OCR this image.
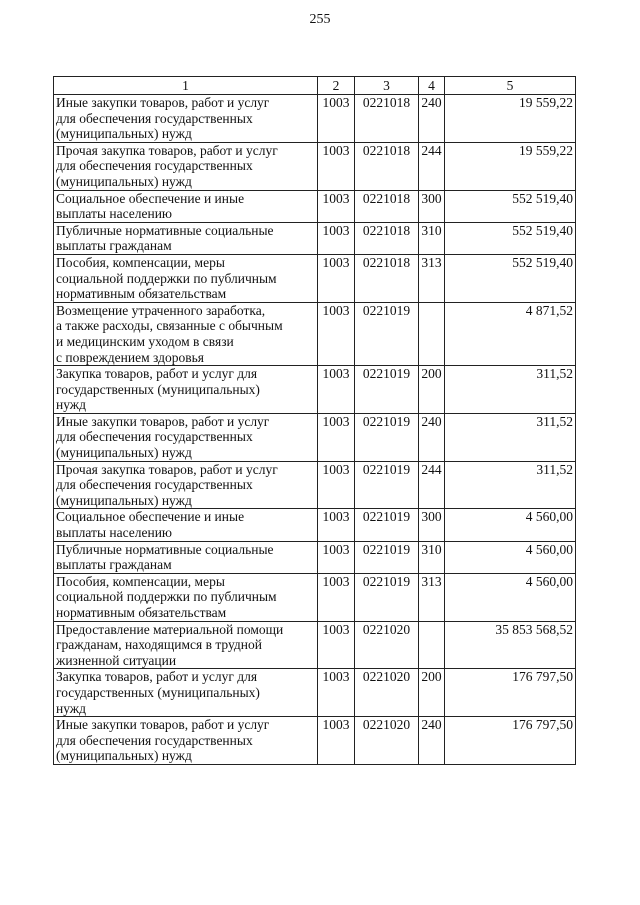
255
1	2	3	4	5

Иные закупки товаров, работ и услуг
для обеспечения государственных
(муниципальных) нужд	1003	0221018	240	19 559,22

Прочая закупка товаров, работ и услуг
для обеспечения государственных
(муниципальных) нужд	1003	0221018	244	19 559,22

Социальное обеспечение и иные
выплаты населению	1003	0221018	300	552 519,40

Публичные нормативные социальные
выплаты гражданам	1003	0221018	310	552 519,40

Пособия, компенсации, меры
социальной поддержки по публичным
нормативным обязательствам	1003	0221018	313	552 519,40

Возмещение утраченного заработка,
а также расходы, связанные с обычным
и медицинским уходом в связи
с повреждением здоровья	1003	0221019		4 871,52

Закупка товаров, работ и услуг для
государственных (муниципальных)
нужд	1003	0221019	200	311,52

Иные закупки товаров, работ и услуг
для обеспечения государственных
(муниципальных) нужд	1003	0221019	240	311,52

Прочая закупка товаров, работ и услуг
для обеспечения государственных
(муниципальных) нужд	1003	0221019	244	311,52

Социальное обеспечение и иные
выплаты населению	1003	0221019	300	4 560,00

Публичные нормативные социальные
выплаты гражданам	1003	0221019	310	4 560,00

Пособия, компенсации, меры
социальной поддержки по публичным
нормативным обязательствам	1003	0221019	313	4 560,00

Предоставление материальной помощи
гражданам, находящимся в трудной
жизненной ситуации	1003	0221020		35 853 568,52

Закупка товаров, работ и услуг для
государственных (муниципальных)
нужд	1003	0221020	200	176 797,50

Иные закупки товаров, работ и услуг
для обеспечения государственных
(муниципальных) нужд	1003	0221020	240	176 797,50
